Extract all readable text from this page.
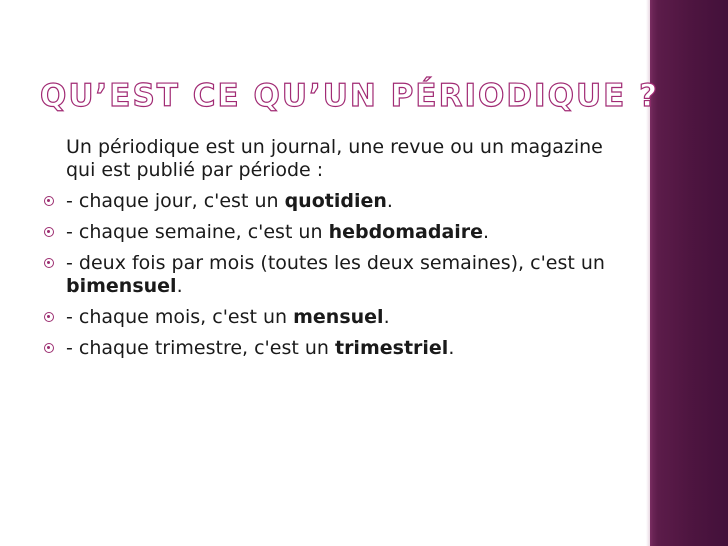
QU’EST CE QU’UN PÉRIODIQUE ?

Un périodique est un journal, une revue ou un magazine qui est publié par période :

- chaque jour, c'est un quotidien.
- chaque semaine, c'est un hebdomadaire.
- deux fois par mois (toutes les deux semaines), c'est un bimensuel.
- chaque mois, c'est un mensuel.
- chaque trimestre, c'est un trimestriel.
